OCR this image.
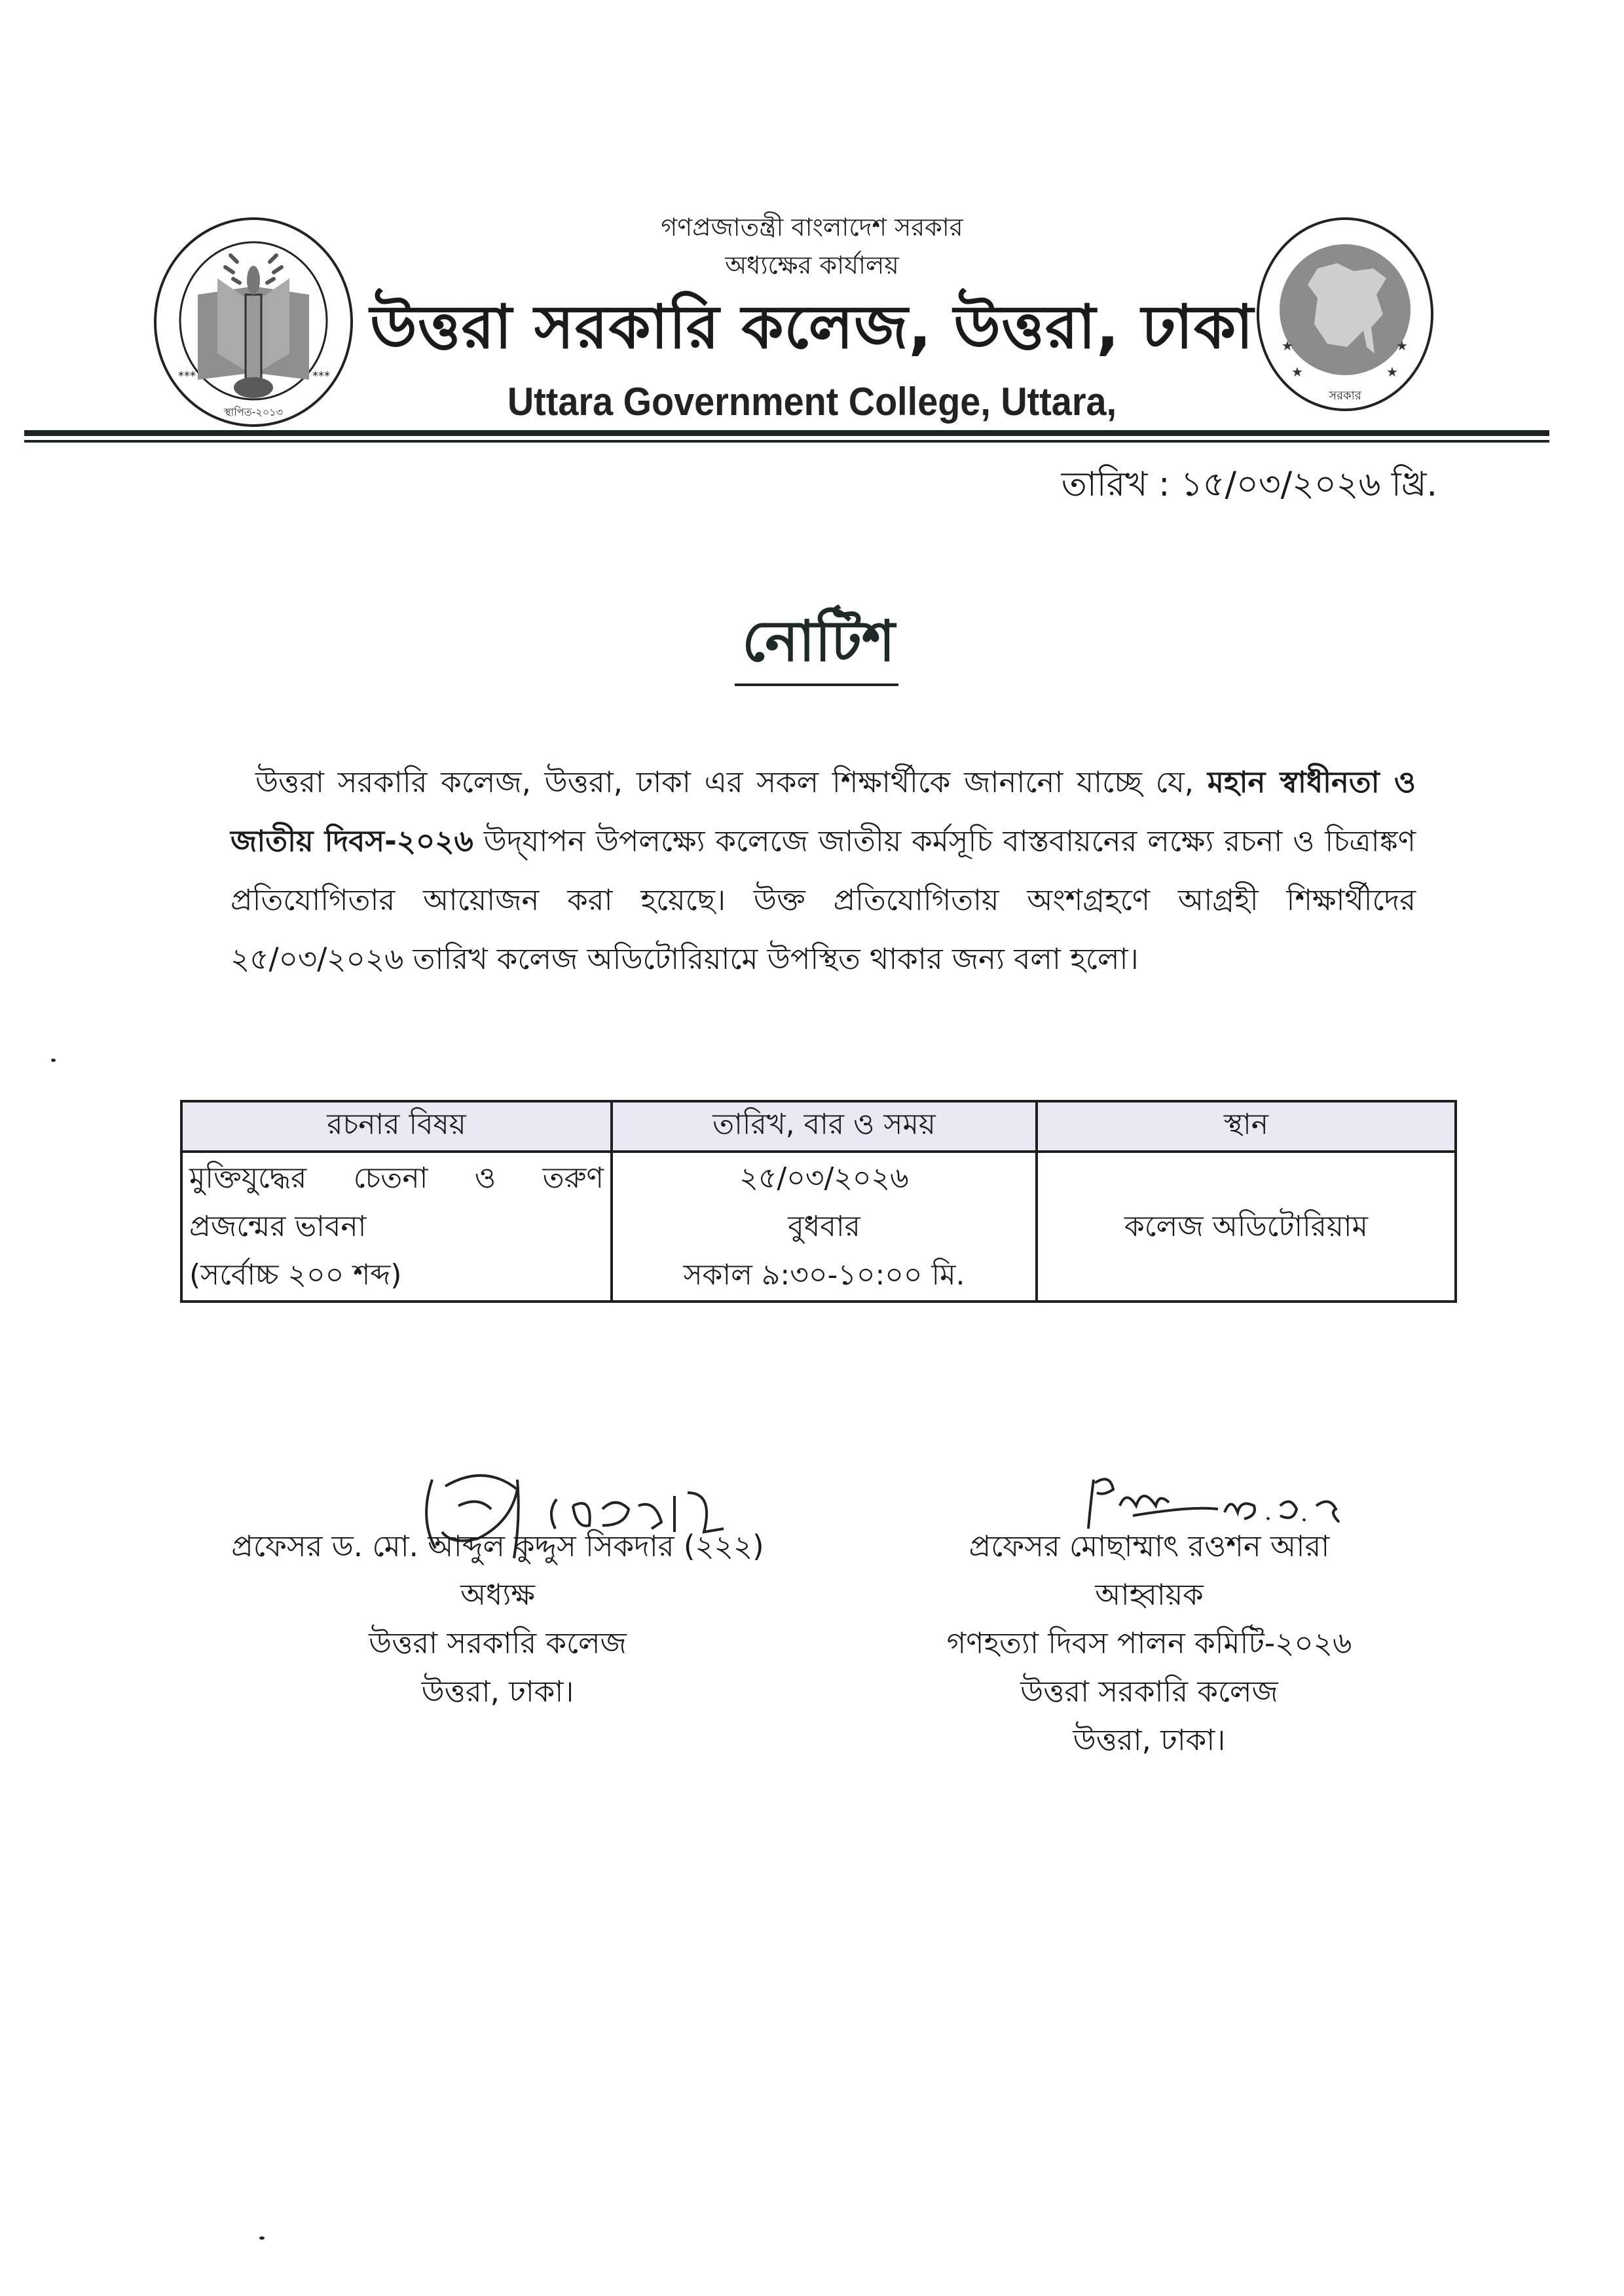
***	***
স্থাপিত-২০১৩
★	★
★	★
সরকার
গণপ্রজাতন্ত্রী বাংলাদেশ সরকার
অধ্যক্ষের কার্যালয়
উত্তরা সরকারি কলেজ, উত্তরা, ঢাকা
Uttara Government College, Uttara,
তারিখ : ১৫/০৩/২০২৬ খ্রি.
নোটিশ
উত্তরা সরকারি কলেজ, উত্তরা, ঢাকা এর সকল শিক্ষার্থীকে জানানো যাচ্ছে যে, মহান স্বাধীনতা ও জাতীয় দিবস-২০২৬ উদ্‌যাপন উপলক্ষ্যে কলেজে জাতীয় কর্মসূচি বাস্তবায়নের লক্ষ্যে রচনা ও চিত্রাঙ্কণ প্রতিযোগিতার আয়োজন করা হয়েছে। উক্ত প্রতিযোগিতায় অংশগ্রহণে আগ্রহী শিক্ষার্থীদের ২৫/০৩/২০২৬ তারিখ কলেজ অডিটোরিয়ামে উপস্থিত থাকার জন্য বলা হলো।
রচনার বিষয়	তারিখ, বার ও সময়	স্থান

মুক্তিযুদ্ধের চেতনা ও তরুণ
প্রজন্মের ভাবনা
(সর্বোচ্চ ২০০ শব্দ)

২৫/০৩/২০২৬
বুধবার
সকাল ৯:৩০-১০:০০ মি.

কলেজ অডিটোরিয়াম
প্রফেসর ড. মো. আব্দুল কুদ্দুস সিকদার (২২২)
অধ্যক্ষ
উত্তরা সরকারি কলেজ
উত্তরা, ঢাকা।
প্রফেসর মোছাম্মাৎ রওশন আরা
আহ্বায়ক
গণহত্যা দিবস পালন কমিটি-২০২৬
উত্তরা সরকারি কলেজ
উত্তরা, ঢাকা।
